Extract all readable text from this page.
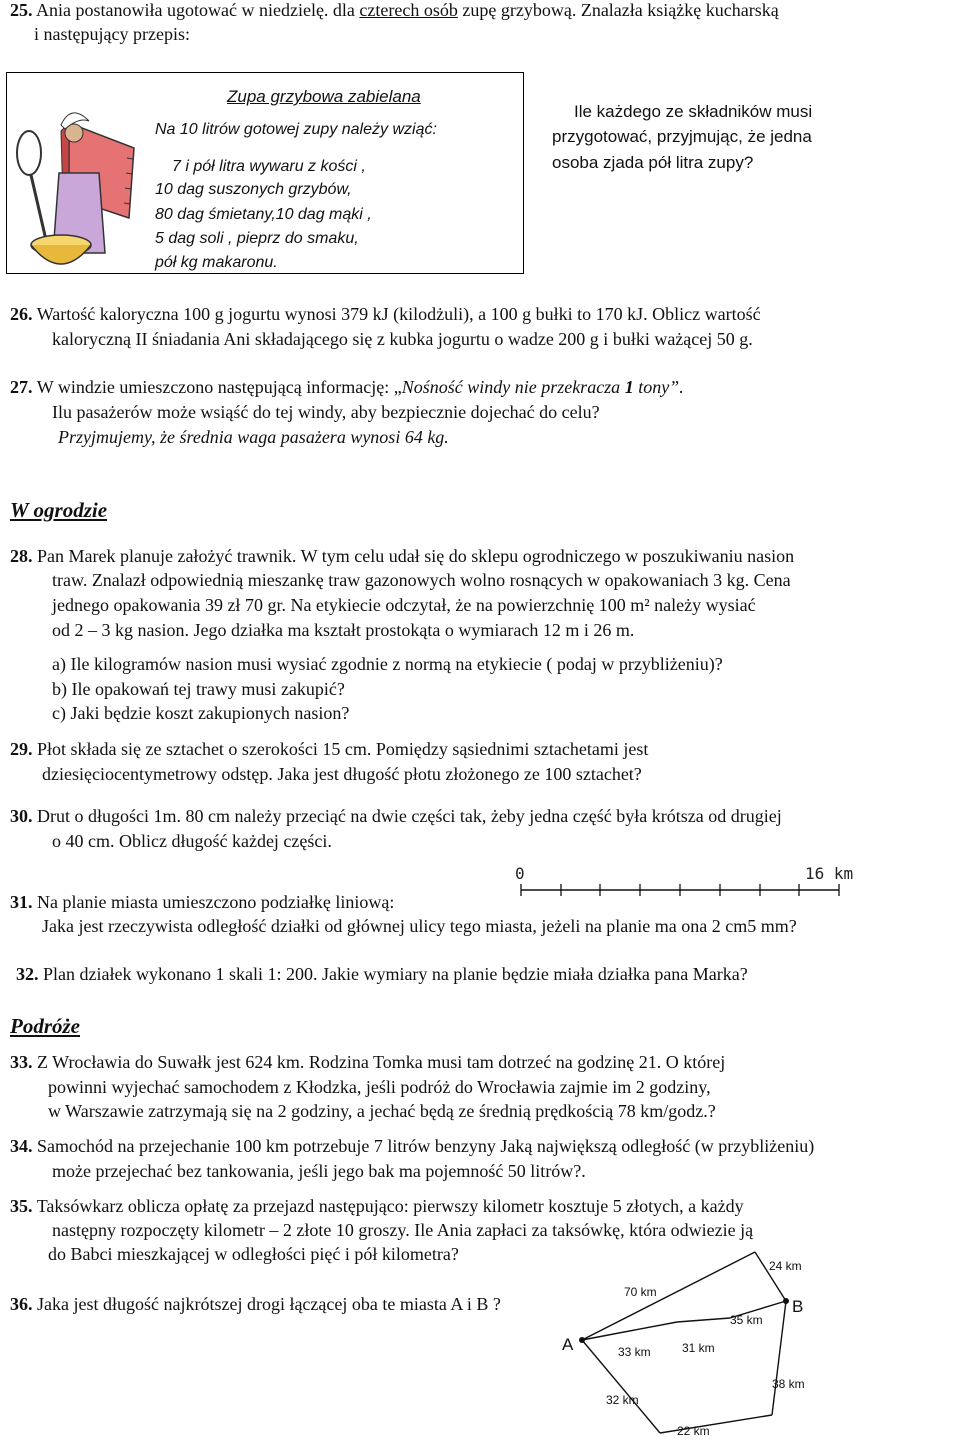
25. Ania postanowiła ugotować w niedzielę. dla czterech osób zupę grzybową. Znalazła książkę kucharską
i następujący przepis:
Zupa grzybowa zabielana
Na 10 litrów gotowej zupy należy wziąć:
7 i pół litra wywaru z kości ,
10 dag suszonych grzybów,
80 dag śmietany,10 dag mąki ,
5 dag soli , pieprz do smaku,
pół kg makaronu.
Ile każdego ze składników musi
przygotować, przyjmując, że jedna
osoba zjada pół litra zupy?
26. Wartość kaloryczna 100 g jogurtu wynosi 379 kJ (kilodżuli), a 100 g bułki to 170 kJ. Oblicz wartość
kaloryczną II śniadania Ani składającego się z kubka jogurtu o wadze 200 g i bułki ważącej 50 g.
27. W windzie umieszczono następującą informację: „Nośność windy nie przekracza 1 tony”.
Ilu pasażerów może wsiąść do tej windy, aby bezpiecznie dojechać do celu?
Przyjmujemy, że średnia waga pasażera wynosi 64 kg.
W ogrodzie
28. Pan Marek planuje założyć trawnik. W tym celu udał się do sklepu ogrodniczego w poszukiwaniu nasion
traw. Znalazł odpowiednią mieszankę traw gazonowych wolno rosnących w opakowaniach 3 kg. Cena
jednego opakowania 39 zł 70 gr. Na etykiecie odczytał, że na powierzchnię 100 m² należy wysiać
od 2 – 3 kg nasion. Jego działka ma kształt prostokąta o wymiarach 12 m i 26 m.
a) Ile kilogramów nasion musi wysiać zgodnie z normą na etykiecie ( podaj w przybliżeniu)?
b) Ile opakowań tej trawy musi zakupić?
c) Jaki będzie koszt zakupionych nasion?
29. Płot składa się ze sztachet o szerokości 15 cm. Pomiędzy sąsiednimi sztachetami jest
dziesięciocentymetrowy odstęp. Jaka jest długość płotu złożonego ze 100 sztachet?
30. Drut o długości 1m. 80 cm należy przeciąć na dwie części tak, żeby jedna część była krótsza od drugiej
o 40 cm. Oblicz długość każdej części.
31. Na planie miasta umieszczono podziałkę liniową:
0	16 km
Jaka jest rzeczywista odległość działki od głównej ulicy tego miasta, jeżeli na planie ma ona 2 cm5 mm?
32. Plan działek wykonano 1 skali 1: 200. Jakie wymiary na planie będzie miała działka pana Marka?
Podróże
33. Z Wrocławia do Suwałk jest 624 km. Rodzina Tomka musi tam dotrzeć na godzinę 21. O której
powinni wyjechać samochodem z Kłodzka, jeśli podróż do Wrocławia zajmie im 2 godziny,
w Warszawie zatrzymają się na 2 godziny, a jechać będą ze średnią prędkością 78 km/godz.?
34. Samochód na przejechanie 100 km potrzebuje 7 litrów benzyny Jaką największą odległość (w przybliżeniu)
może przejechać bez tankowania, jeśli jego bak ma pojemność 50 litrów?.
35. Taksówkarz oblicza opłatę za przejazd następująco: pierwszy kilometr kosztuje 5 złotych, a każdy
następny rozpoczęty kilometr – 2 złote 10 groszy. Ile Ania zapłaci za taksówkę, która odwiezie ją
do Babci mieszkającej w odległości pięć i pół kilometra?
36. Jaka jest długość najkrótszej drogi łączącej oba te miasta A i B ?
A
B
70 km
24 km
35 km
33 km	31 km
38 km
32 km
22 km
